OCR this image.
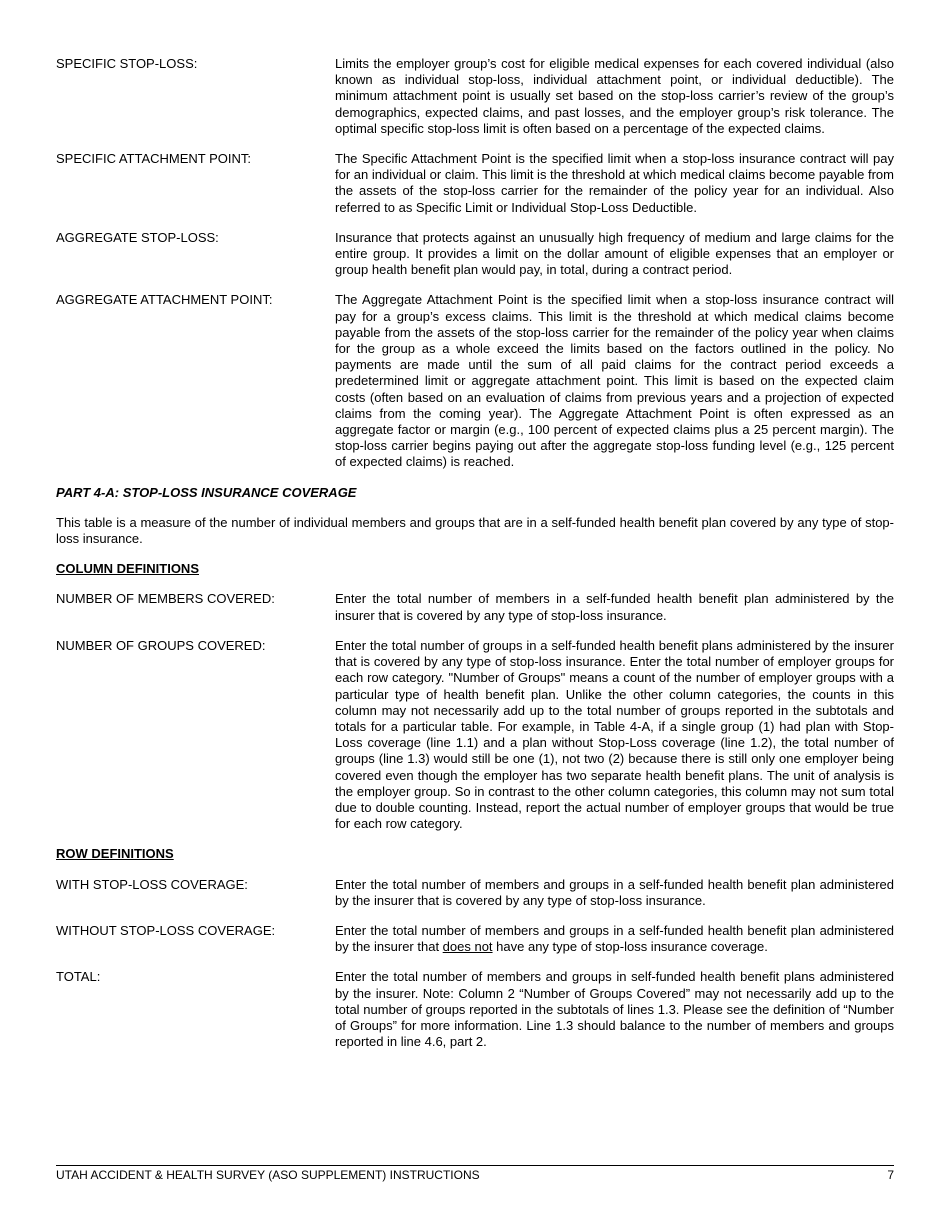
SPECIFIC STOP-LOSS:	Limits the employer group’s cost for eligible medical expenses for each covered individual (also known as individual stop-loss, individual attachment point, or individual deductible). The minimum attachment point is usually set based on the stop-loss carrier’s review of the group’s demographics, expected claims, and past losses, and the employer group’s risk tolerance. The optimal specific stop-loss limit is often based on a percentage of the expected claims.
SPECIFIC ATTACHMENT POINT:	The Specific Attachment Point is the specified limit when a stop-loss insurance contract will pay for an individual or claim. This limit is the threshold at which medical claims become payable from the assets of the stop-loss carrier for the remainder of the policy year for an individual. Also referred to as Specific Limit or Individual Stop-Loss Deductible.
AGGREGATE STOP-LOSS:	Insurance that protects against an unusually high frequency of medium and large claims for the entire group. It provides a limit on the dollar amount of eligible expenses that an employer or group health benefit plan would pay, in total, during a contract period.
AGGREGATE ATTACHMENT POINT:	The Aggregate Attachment Point is the specified limit when a stop-loss insurance contract will pay for a group’s excess claims. This limit is the threshold at which medical claims become payable from the assets of the stop-loss carrier for the remainder of the policy year when claims for the group as a whole exceed the limits based on the factors outlined in the policy. No payments are made until the sum of all paid claims for the contract period exceeds a predetermined limit or aggregate attachment point. This limit is based on the expected claim costs (often based on an evaluation of claims from previous years and a projection of expected claims from the coming year). The Aggregate Attachment Point is often expressed as an aggregate factor or margin (e.g., 100 percent of expected claims plus a 25 percent margin). The stop-loss carrier begins paying out after the aggregate stop-loss funding level (e.g., 125 percent of expected claims) is reached.
PART 4-A: STOP-LOSS INSURANCE COVERAGE
This table is a measure of the number of individual members and groups that are in a self-funded health benefit plan covered by any type of stop-loss insurance.
COLUMN DEFINITIONS
NUMBER OF MEMBERS COVERED:	Enter the total number of members in a self-funded health benefit plan administered by the insurer that is covered by any type of stop-loss insurance.
NUMBER OF GROUPS COVERED:	Enter the total number of groups in a self-funded health benefit plans administered by the insurer that is covered by any type of stop-loss insurance. Enter the total number of employer groups for each row category. "Number of Groups" means a count of the number of employer groups with a particular type of health benefit plan. Unlike the other column categories, the counts in this column may not necessarily add up to the total number of groups reported in the subtotals and totals for a particular table. For example, in Table 4-A, if a single group (1) had plan with Stop-Loss coverage (line 1.1) and a plan without Stop-Loss coverage (line 1.2), the total number of groups (line 1.3) would still be one (1), not two (2) because there is still only one employer being covered even though the employer has two separate health benefit plans. The unit of analysis is the employer group. So in contrast to the other column categories, this column may not sum total due to double counting. Instead, report the actual number of employer groups that would be true for each row category.
ROW DEFINITIONS
WITH STOP-LOSS COVERAGE:	Enter the total number of members and groups in a self-funded health benefit plan administered by the insurer that is covered by any type of stop-loss insurance.
WITHOUT STOP-LOSS COVERAGE:	Enter the total number of members and groups in a self-funded health benefit plan administered by the insurer that does not have any type of stop-loss insurance coverage.
TOTAL:	Enter the total number of members and groups in self-funded health benefit plans administered by the insurer. Note: Column 2 “Number of Groups Covered” may not necessarily add up to the total number of groups reported in the subtotals of lines 1.3. Please see the definition of “Number of Groups” for more information. Line 1.3 should balance to the number of members and groups reported in line 4.6, part 2.
UTAH ACCIDENT & HEALTH SURVEY (ASO SUPPLEMENT) INSTRUCTIONS	7
